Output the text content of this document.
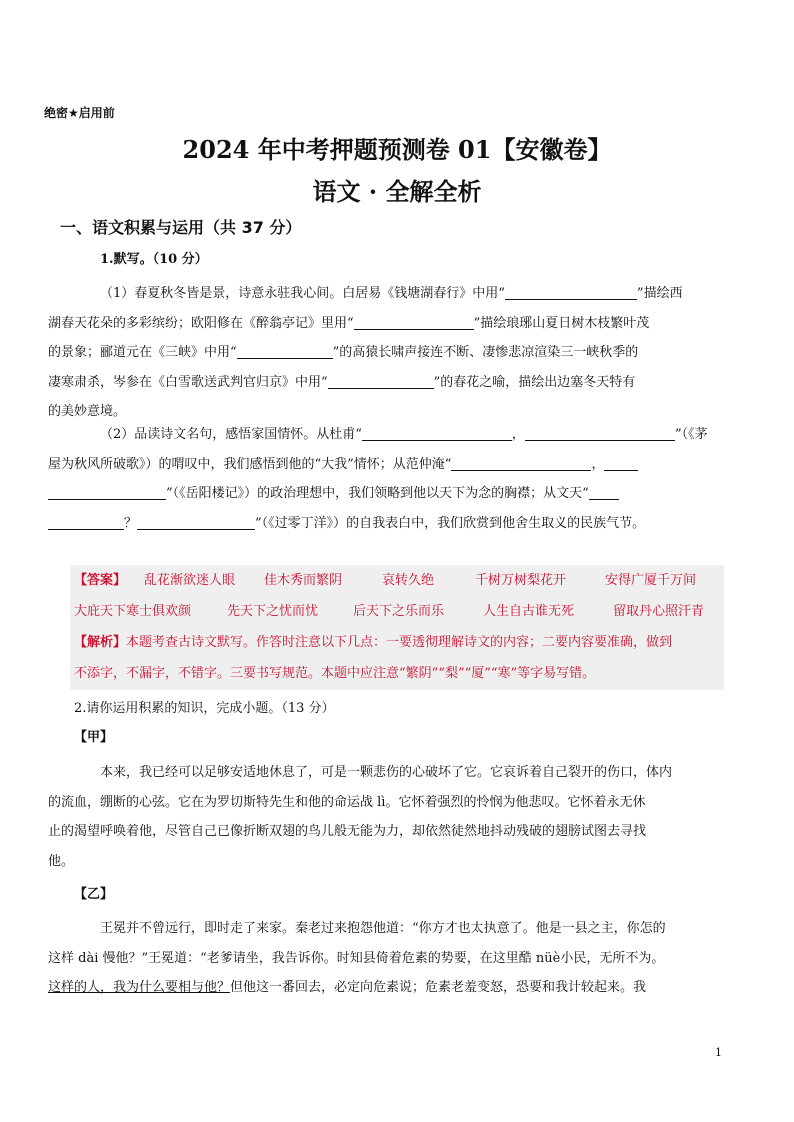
绝密★启用前
2024 年中考押题预测卷 01【安徽卷】
语文 · 全解全析
一、语文积累与运用（共 37 分）
1.默写。（10 分）
（1）春夏秋冬皆是景，诗意永驻我心间。白居易《钱塘湖春行》中用“	”描绘西
湖春天花朵的多彩缤纷；欧阳修在《醉翁亭记》里用“	”描绘琅琊山夏日树木枝繁叶茂
的景象；郦道元在《三峡》中用“	”的高猿长啸声接连不断、凄惨悲凉渲染三一峡秋季的
凄寒肃杀，岑参在《白雪歌送武判官归京》中用“	”的春花之喻，描绘出边塞冬天特有
的美妙意境。
（2）品读诗文名句，感悟家国情怀。从杜甫“	，	”（《茅
屋为秋风所破歌》）的喟叹中，我们感悟到他的“大我”情怀；从范仲淹“	，
”（《岳阳楼记》）的政治理想中，我们领略到他以天下为念的胸襟；从文天“
？	”（《过零丁洋》）的自我表白中，我们欣赏到他舍生取义的民族气节。
【答案】 乱花渐欲迷人眼 佳木秀而繁阴	哀转久绝	千树万树梨花开	安得广厦千万间
大庇天下寒士俱欢颜	先天下之忧而忧	后天下之乐而乐	人生自古谁无死	留取丹心照汗青
【解析】本题考查古诗文默写。作答时注意以下几点：一要透彻理解诗文的内容；二要内容要准确，做到
不添字，不漏字，不错字。三要书写规范。本题中应注意“繁阴”“梨”“厦”“寒”等字易写错。
2.请你运用积累的知识，完成小题。（13 分）
【甲】
本来，我已经可以足够安适地休息了，可是一颗悲伤的心破坏了它。它哀诉着自己裂开的伤口，体内
的流血，绷断的心弦。它在为罗切斯特先生和他的命运战 lì。它怀着强烈的怜悯为他悲叹。它怀着永无休
止的渴望呼唤着他，尽管自己已像折断双翅的鸟儿般无能为力，却依然徒然地抖动残破的翅膀试图去寻找
他。
【乙】
王冕并不曾远行，即时走了来家。秦老过来抱怨他道：“你方才也太执意了。他是一县之主，你怎的
这样 dài 慢他？”王冕道：“老爹请坐，我告诉你。时知县倚着危素的势要，在这里酷 nüè小民，无所不为。
这样的人，我为什么要相与他？但他这一番回去，必定向危素说；危素老羞变怒，恐要和我计较起来。我
1
